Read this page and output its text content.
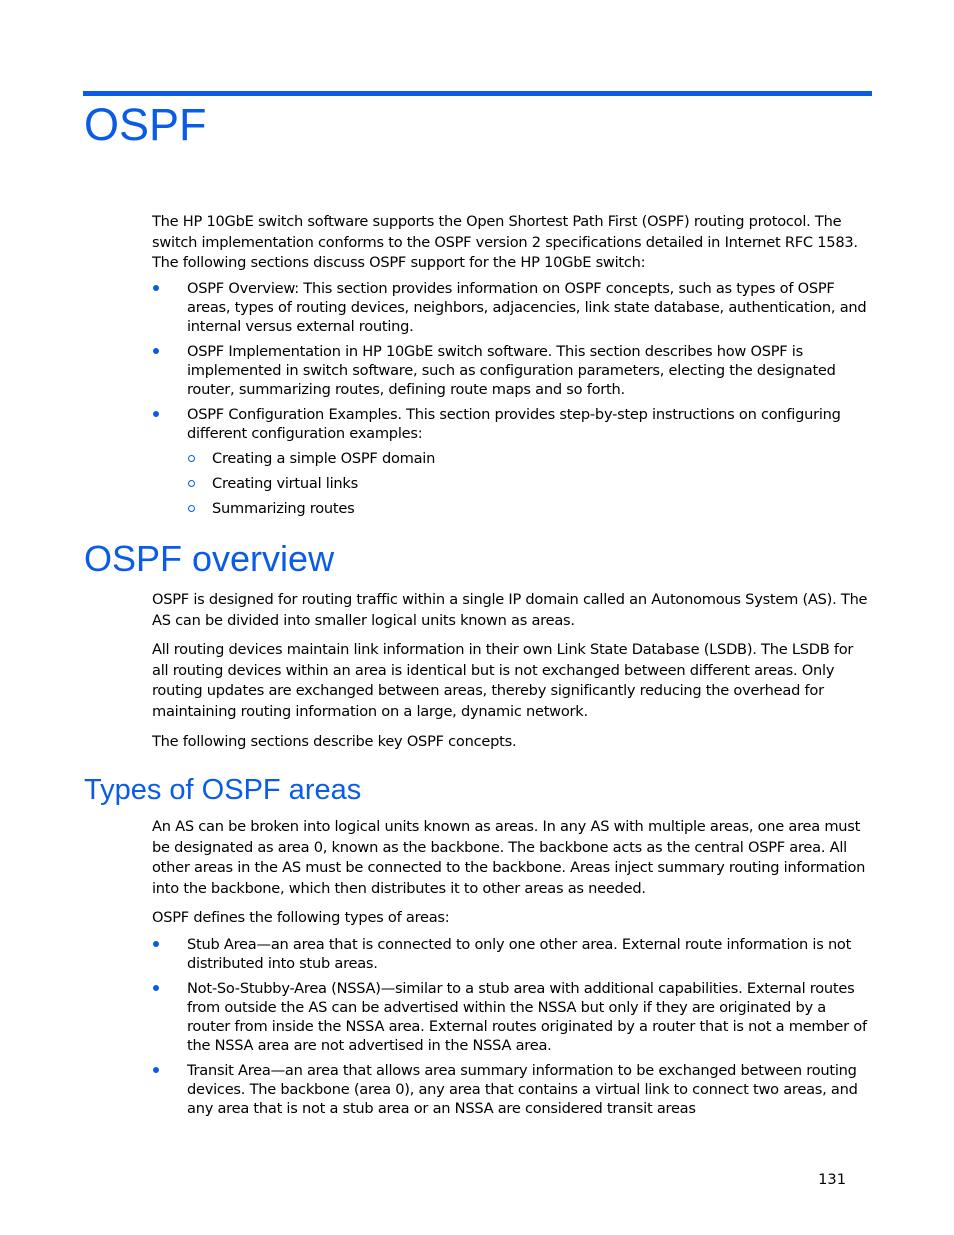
OSPF

The HP 10GbE switch software supports the Open Shortest Path First (OSPF) routing protocol. The switch implementation conforms to the OSPF version 2 specifications detailed in Internet RFC 1583. The following sections discuss OSPF support for the HP 10GbE switch:

OSPF Overview: This section provides information on OSPF concepts, such as types of OSPF areas, types of routing devices, neighbors, adjacencies, link state database, authentication, and internal versus external routing.
OSPF Implementation in HP 10GbE switch software. This section describes how OSPF is implemented in switch software, such as configuration parameters, electing the designated router, summarizing routes, defining route maps and so forth.
OSPF Configuration Examples. This section provides step-by-step instructions on configuring different configuration examples:
Creating a simple OSPF domain
Creating virtual links
Summarizing routes
OSPF overview

OSPF is designed for routing traffic within a single IP domain called an Autonomous System (AS). The AS can be divided into smaller logical units known as areas.

All routing devices maintain link information in their own Link State Database (LSDB). The LSDB for all routing devices within an area is identical but is not exchanged between different areas. Only routing updates are exchanged between areas, thereby significantly reducing the overhead for maintaining routing information on a large, dynamic network.

The following sections describe key OSPF concepts.

Types of OSPF areas

An AS can be broken into logical units known as areas. In any AS with multiple areas, one area must be designated as area 0, known as the backbone. The backbone acts as the central OSPF area. All other areas in the AS must be connected to the backbone. Areas inject summary routing information into the backbone, which then distributes it to other areas as needed.

OSPF defines the following types of areas:

Stub Area—an area that is connected to only one other area. External route information is not distributed into stub areas.
Not-So-Stubby-Area (NSSA)—similar to a stub area with additional capabilities. External routes from outside the AS can be advertised within the NSSA but only if they are originated by a router from inside the NSSA area. External routes originated by a router that is not a member of the NSSA area are not advertised in the NSSA area.
Transit Area—an area that allows area summary information to be exchanged between routing devices. The backbone (area 0), any area that contains a virtual link to connect two areas, and any area that is not a stub area or an NSSA are considered transit areas
131
